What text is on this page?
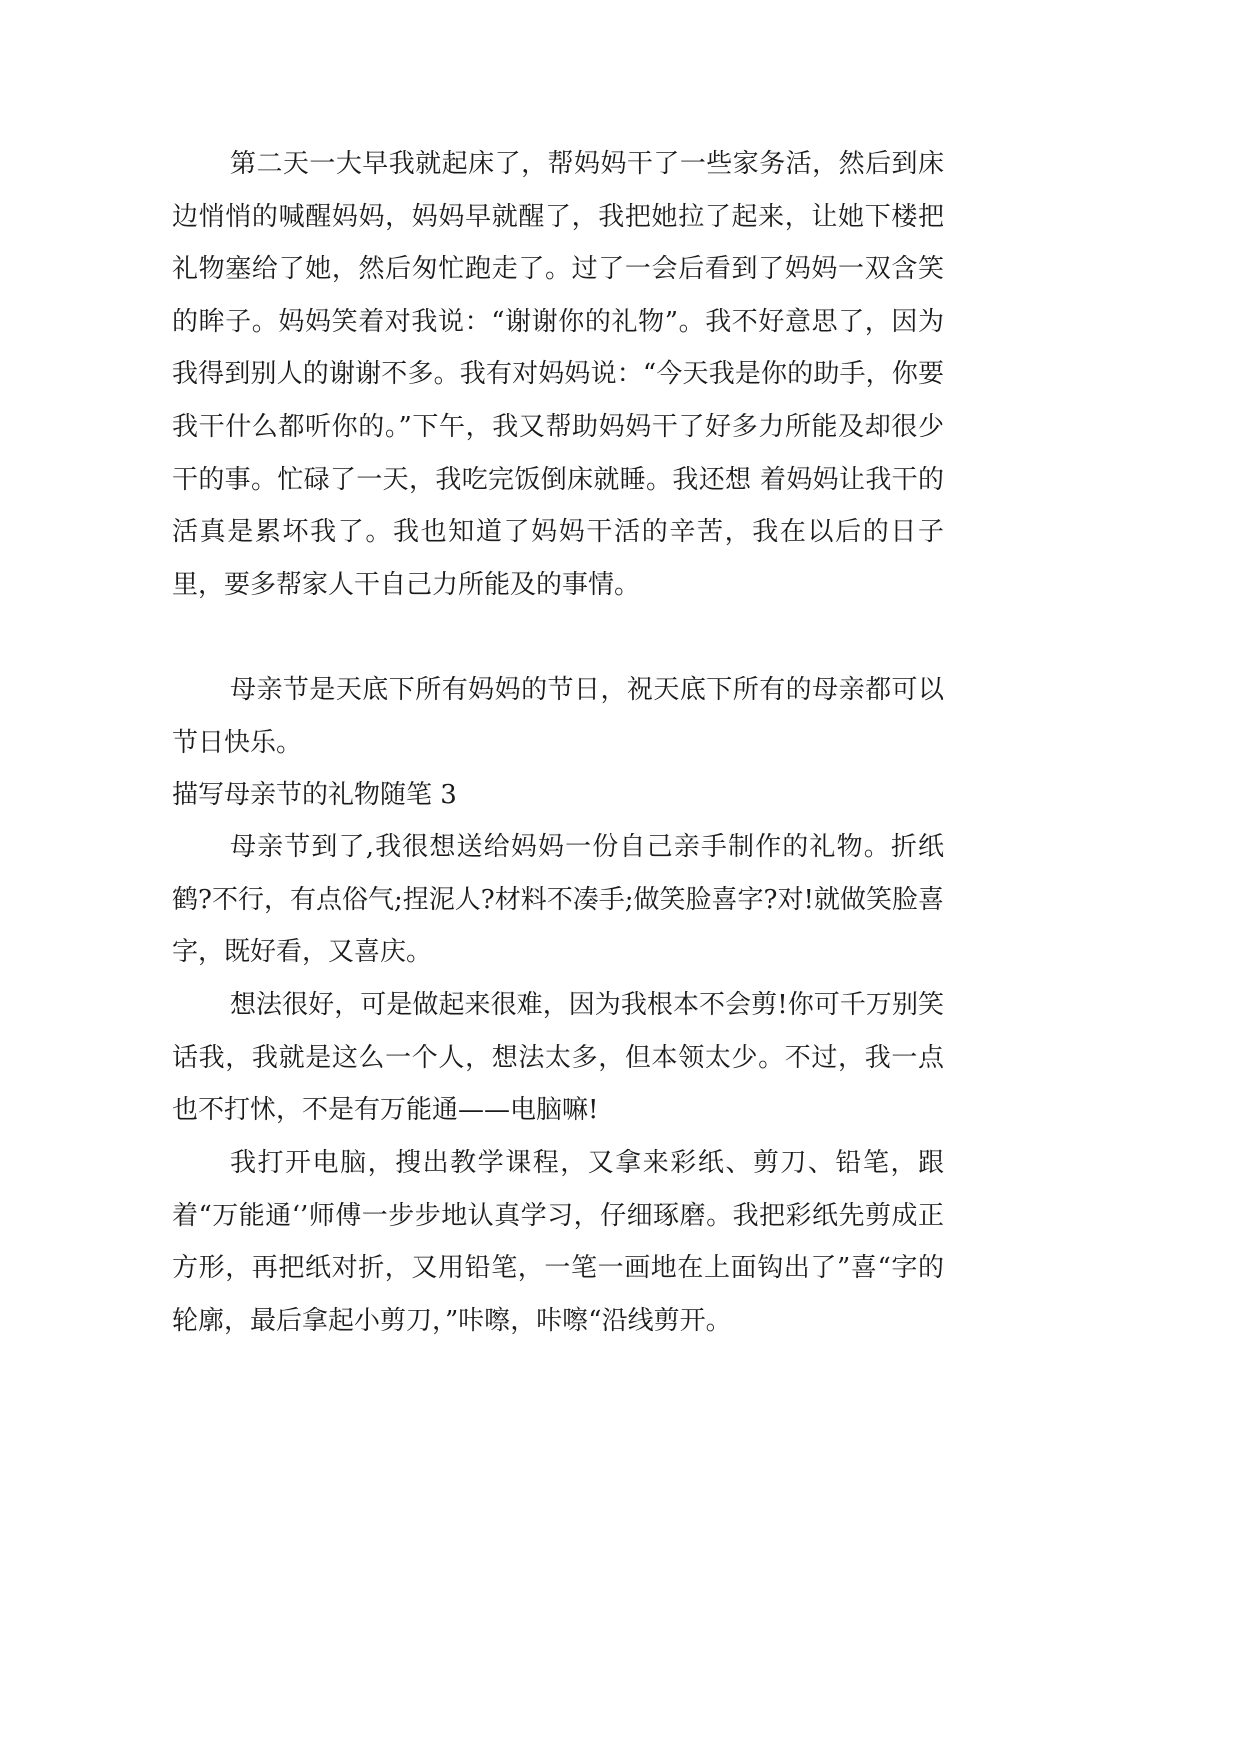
第二天一大早我就起床了，帮妈妈干了一些家务活，然后到床边悄悄的喊醒妈妈，妈妈早就醒了，我把她拉了起来，让她下楼把礼物塞给了她，然后匆忙跑走了。过了一会后看到了妈妈一双含笑的眸子。妈妈笑着对我说：“谢谢你的礼物”。我不好意思了，因为我得到别人的谢谢不多。我有对妈妈说：“今天我是你的助手，你要我干什么都听你的。”下午，我又帮助妈妈干了好多力所能及却很少干的事。忙碌了一天，我吃完饭倒床就睡。我还想 着妈妈让我干的活真是累坏我了。我也知道了妈妈干活的辛苦，我在以后的日子里，要多帮家人干自己力所能及的事情。

母亲节是天底下所有妈妈的节日，祝天底下所有的母亲都可以节日快乐。

描写母亲节的礼物随笔 3

母亲节到了,我很想送给妈妈一份自己亲手制作的礼物。折纸鹤?不行，有点俗气;捏泥人?材料不凑手;做笑脸喜字?对!就做笑脸喜字，既好看，又喜庆。

想法很好，可是做起来很难，因为我根本不会剪!你可千万别笑话我，我就是这么一个人，想法太多，但本领太少。不过，我一点也不打怵，不是有万能通——电脑嘛!

我打开电脑，搜出教学课程，又拿来彩纸、剪刀、铅笔，跟着“万能通‘’师傅一步步地认真学习，仔细琢磨。我把彩纸先剪成正方形，再把纸对折，又用铅笔，一笔一画地在上面钩出了”喜“字的轮廓，最后拿起小剪刀，”咔嚓，咔嚓“沿线剪开。
